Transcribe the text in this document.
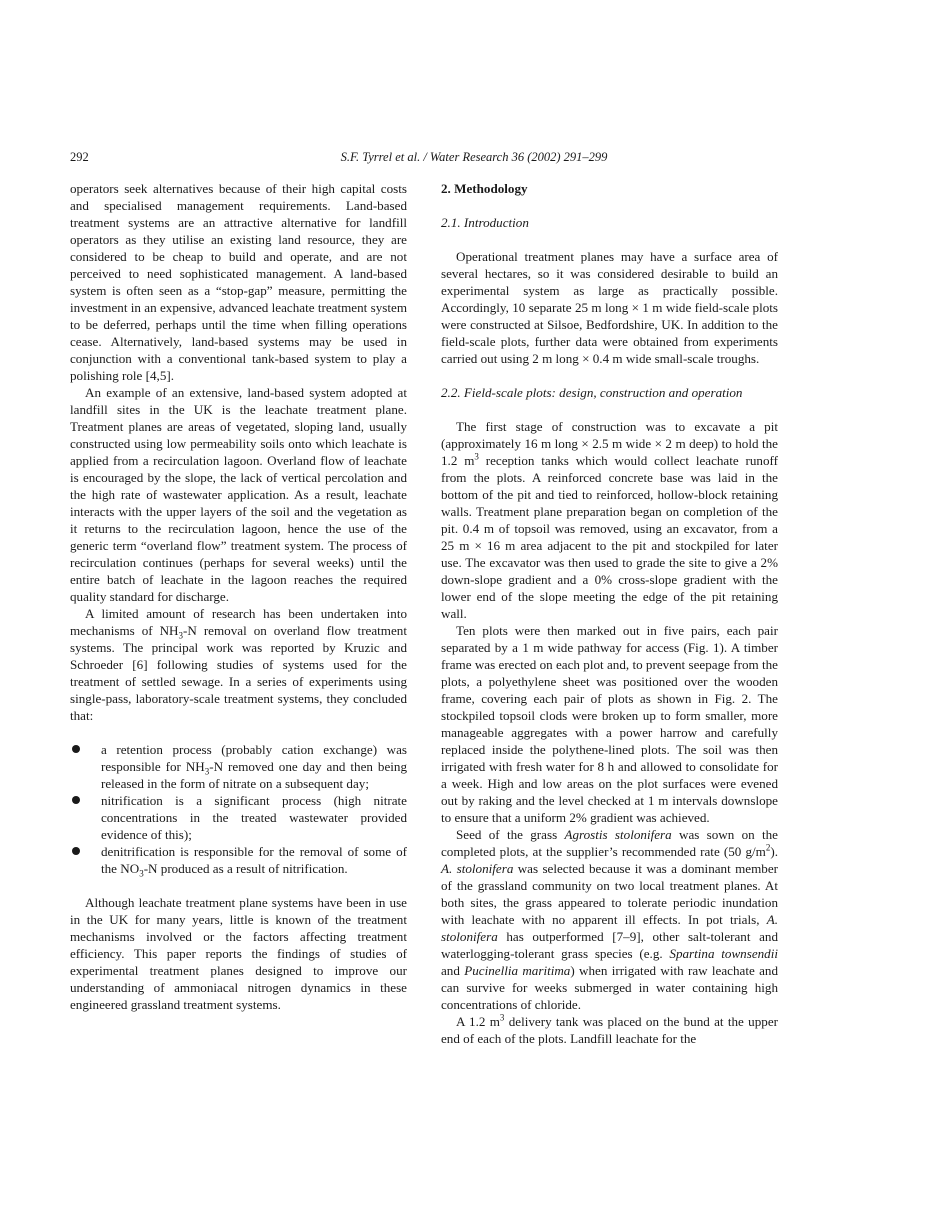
292	S.F. Tyrrel et al. / Water Research 36 (2002) 291–299

operators seek alternatives because of their high capital costs and specialised management requirements. Land-based treatment systems are an attractive alternative for landfill operators as they utilise an existing land resource, they are considered to be cheap to build and operate, and are not perceived to need sophisticated management. A land-based system is often seen as a “stop-gap” measure, permitting the investment in an expensive, advanced leachate treatment system to be deferred, perhaps until the time when filling operations cease. Alternatively, land-based systems may be used in conjunction with a conventional tank-based system to play a polishing role [4,5].

An example of an extensive, land-based system adopted at landfill sites in the UK is the leachate treatment plane. Treatment planes are areas of vegetated, sloping land, usually constructed using low permeability soils onto which leachate is applied from a recirculation lagoon. Overland flow of leachate is encouraged by the slope, the lack of vertical percolation and the high rate of wastewater application. As a result, leachate interacts with the upper layers of the soil and the vegetation as it returns to the recirculation lagoon, hence the use of the generic term “overland flow” treatment system. The process of recirculation continues (perhaps for several weeks) until the entire batch of leachate in the lagoon reaches the required quality standard for discharge.

A limited amount of research has been undertaken into mechanisms of $NH_3-N$ removal on overland flow treatment systems. The principal work was reported by Kruzic and Schroeder [6] following studies of systems used for the treatment of settled sewage. In a series of experiments using single-pass, laboratory-scale treatment systems, they concluded that:

a retention process (probably cation exchange) was responsible for $NH_3-N$ removed one day and then being released in the form of nitrate on a subsequent day;
nitrification is a significant process (high nitrate concentrations in the treated wastewater provided evidence of this);
denitrification is responsible for the removal of some of the $NO_3-N$ produced as a result of nitrification.

Although leachate treatment plane systems have been in use in the UK for many years, little is known of the treatment mechanisms involved or the factors affecting treatment efficiency. This paper reports the findings of studies of experimental treatment planes designed to improve our understanding of ammoniacal nitrogen dynamics in these engineered grassland treatment systems.

2. Methodology
2.1. Introduction

Operational treatment planes may have a surface area of several hectares, so it was considered desirable to build an experimental system as large as practically possible. Accordingly, 10 separate 25 m long × 1 m wide field-scale plots were constructed at Silsoe, Bedfordshire, UK. In addition to the field-scale plots, further data were obtained from experiments carried out using 2 m long × 0.4 m wide small-scale troughs.

2.2. Field-scale plots: design, construction and operation

The first stage of construction was to excavate a pit (approximately 16 m long × 2.5 m wide × 2 m deep) to hold the 1.2 $m^3$ reception tanks which would collect leachate runoff from the plots. A reinforced concrete base was laid in the bottom of the pit and tied to reinforced, hollow-block retaining walls. Treatment plane preparation began on completion of the pit. 0.4 m of topsoil was removed, using an excavator, from a 25 m × 16 m area adjacent to the pit and stockpiled for later use. The excavator was then used to grade the site to give a 2% down-slope gradient and a 0% cross-slope gradient with the lower end of the slope meeting the edge of the pit retaining wall.

Ten plots were then marked out in five pairs, each pair separated by a 1 m wide pathway for access (Fig. 1). A timber frame was erected on each plot and, to prevent seepage from the plots, a polyethylene sheet was positioned over the wooden frame, covering each pair of plots as shown in Fig. 2. The stockpiled topsoil clods were broken up to form smaller, more manageable aggregates with a power harrow and carefully replaced inside the polythene-lined plots. The soil was then irrigated with fresh water for 8 h and allowed to consolidate for a week. High and low areas on the plot surfaces were evened out by raking and the level checked at 1 m intervals downslope to ensure that a uniform 2% gradient was achieved.

Seed of the grass Agrostis stolonifera was sown on the completed plots, at the supplier’s recommended rate (50 $g/m^2$). A. stolonifera was selected because it was a dominant member of the grassland community on two local treatment planes. At both sites, the grass appeared to tolerate periodic inundation with leachate with no apparent ill effects. In pot trials, A. stolonifera has outperformed [7–9], other salt-tolerant and waterlogging-tolerant grass species (e.g. Spartina townsendii and Pucinellia maritima) when irrigated with raw leachate and can survive for weeks submerged in water containing high concentrations of chloride.

A 1.2 $m^3$ delivery tank was placed on the bund at the upper end of each of the plots. Landfill leachate for the
